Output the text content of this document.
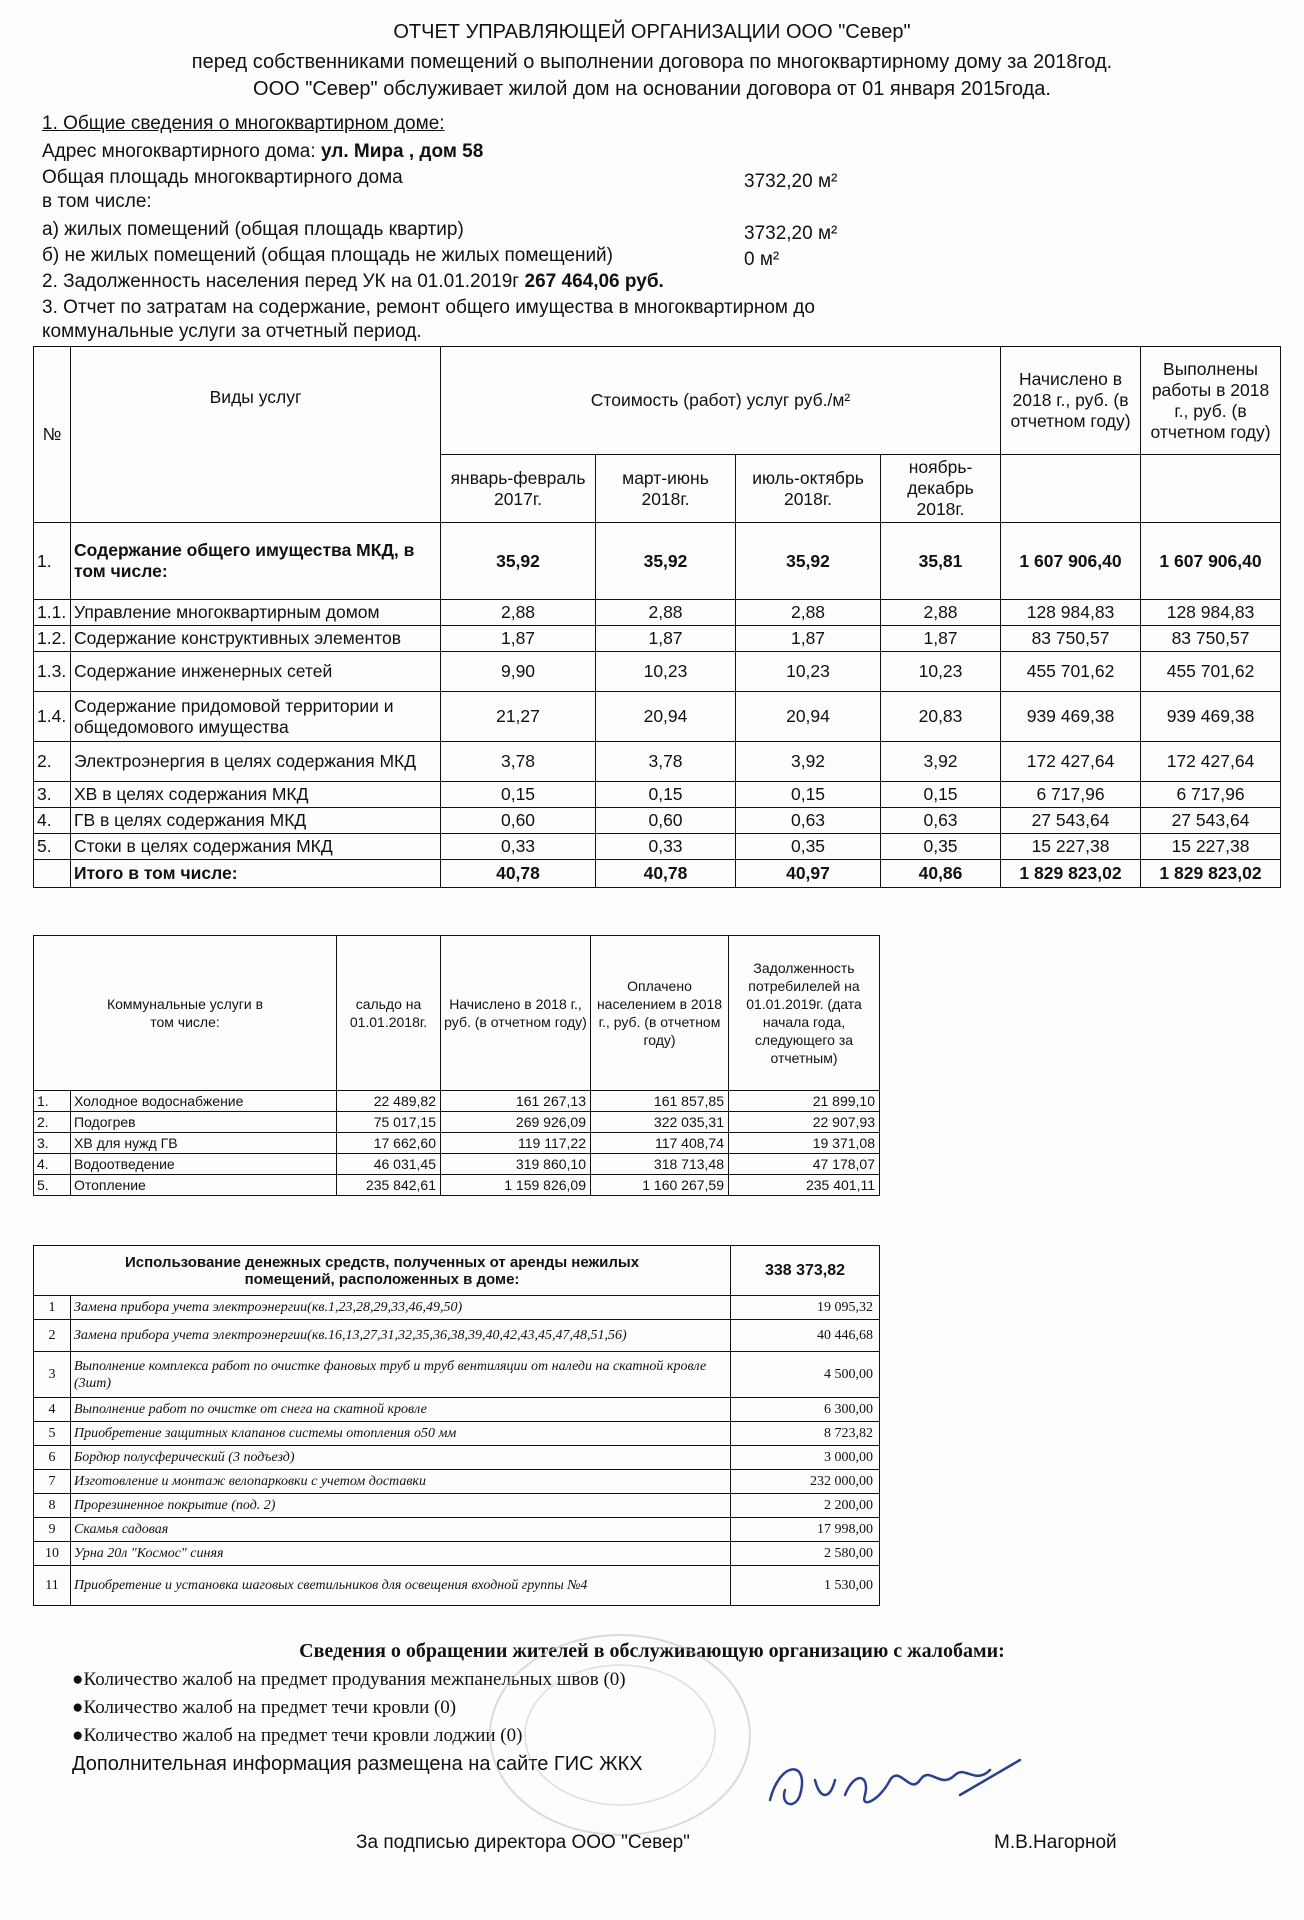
ОТЧЕТ УПРАВЛЯЮЩЕЙ ОРГАНИЗАЦИИ ООО "Север"
перед собственниками помещений о выполнении договора по многоквартирному дому за 2018год.
ООО "Север" обслуживает жилой дом на основании договора от 01 января 2015года.
1. Общие сведения о многоквартирном доме:
Адрес многоквартирного дома: ул. Мира , дом 58
Общая площадь многоквартирного дома	3732,20 м²
в том числе:
а) жилых помещений (общая площадь квартир)	3732,20 м²
б) не жилых помещений (общая площадь не жилых помещений)	0 м²
2. Задолженность населения перед УК на 01.01.2019г 267 464,06 руб.
3. Отчет по затратам на содержание, ремонт общего имущества в многоквартирном до
коммунальные услуги за отчетный период.
№	Виды услуг	Стоимость (работ) услуг руб./м²				Начислено в 2018 г., руб. (в отчетном году)	Выполнены работы в 2018 г., руб. (в отчетном году)
		январь-февраль 2017г.	март-июнь 2018г.	июль-октябрь 2018г.	ноябрь-декабрь 2018г.		
1.	Содержание общего имущества МКД, в том числе:	35,92	35,92	35,92	35,81	1 607 906,40	1 607 906,40
1.1.	Управление многоквартирным домом	2,88	2,88	2,88	2,88	128 984,83	128 984,83
1.2.	Содержание конструктивных элементов	1,87	1,87	1,87	1,87	83 750,57	83 750,57
1.3.	Содержание инженерных сетей	9,90	10,23	10,23	10,23	455 701,62	455 701,62
1.4.	Содержание придомовой территории и общедомового имущества	21,27	20,94	20,94	20,83	939 469,38	939 469,38
2.	Электроэнергия в целях содержания МКД	3,78	3,78	3,92	3,92	172 427,64	172 427,64
3.	ХВ в целях содержания МКД	0,15	0,15	0,15	0,15	6 717,96	6 717,96
4.	ГВ в целях содержания МКД	0,60	0,60	0,63	0,63	27 543,64	27 543,64
5.	Стоки в целях содержания МКД	0,33	0,33	0,35	0,35	15 227,38	15 227,38
	Итого в том числе:	40,78	40,78	40,97	40,86	1 829 823,02	1 829 823,02
Коммунальные услуги в том числе:		сальдо на 01.01.2018г.	Начислено в 2018 г., руб. (в отчетном году)	Оплачено населением в 2018 г., руб. (в отчетном году)	Задолженность потребилелей на 01.01.2019г. (дата начала года, следующего за отчетным)
1.	Холодное водоснабжение	22 489,82	161 267,13	161 857,85	21 899,10
2.	Подогрев	75 017,15	269 926,09	322 035,31	22 907,93
3.	ХВ для нужд ГВ	17 662,60	119 117,22	117 408,74	19 371,08
4.	Водоотведение	46 031,45	319 860,10	318 713,48	47 178,07
5.	Отопление	235 842,61	1 159 826,09	1 160 267,59	235 401,11
Использование денежных средств, полученных от аренды нежилых помещений, расположенных в доме:		338 373,82
1	Замена прибора учета электроэнергии(кв.1,23,28,29,33,46,49,50)	19 095,32
2	Замена прибора учета электроэнергии(кв.16,13,27,31,32,35,36,38,39,40,42,43,45,47,48,51,56)	40 446,68
3	Выполнение комплекса работ по очистке фановых труб и труб вентиляции от наледи на скатной кровле (3шт)	4 500,00
4	Выполнение работ по очистке от снега на скатной кровле	6 300,00
5	Приобретение защитных клапанов системы отопления о50 мм	8 723,82
6	Бордюр полусферический (3 подъезд)	3 000,00
7	Изготовление и монтаж велопарковки с учетом доставки	232 000,00
8	Прорезиненное покрытие (под. 2)	2 200,00
9	Скамья садовая	17 998,00
10	Урна 20л "Космос" синяя	2 580,00
11	Приобретение и установка шаговых светильников для освещения входной группы №4	1 530,00
Сведения о обращении жителей в обслуживающую организацию с жалобами:
●Количество жалоб на предмет продувания межпанельных швов (0)
●Количество жалоб на предмет течи кровли (0)
●Количество жалоб на предмет течи кровли лоджии (0)
Дополнительная информация размещена на сайте ГИС ЖКХ
За подписью директора ООО "Север"	М.В.Нагорной
